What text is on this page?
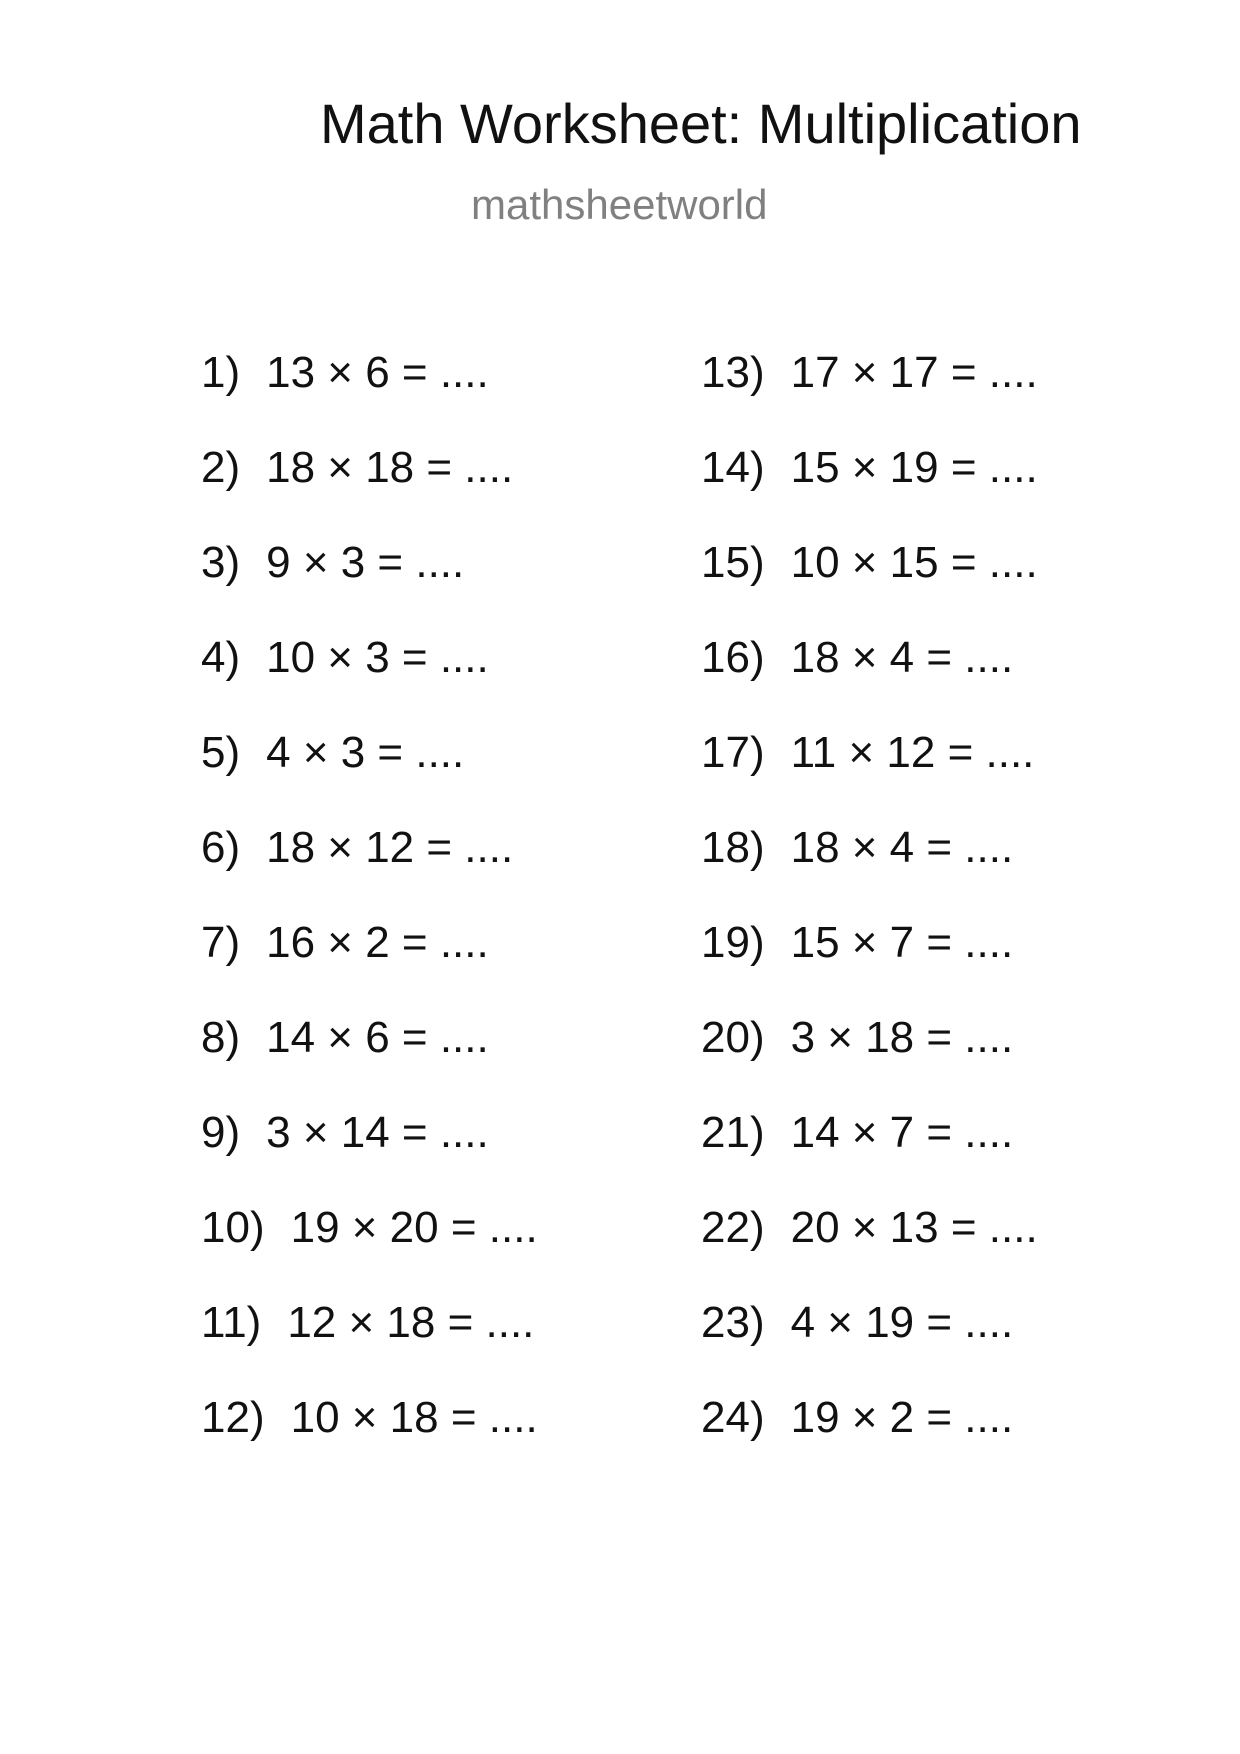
Math Worksheet: Multiplication
mathsheetworld
1) 13 × 6 = ....
2) 18 × 18 = ....
3) 9 × 3 = ....
4) 10 × 3 = ....
5) 4 × 3 = ....
6) 18 × 12 = ....
7) 16 × 2 = ....
8) 14 × 6 = ....
9) 3 × 14 = ....
10) 19 × 20 = ....
11) 12 × 18 = ....
12) 10 × 18 = ....
13) 17 × 17 = ....
14) 15 × 19 = ....
15) 10 × 15 = ....
16) 18 × 4 = ....
17) 11 × 12 = ....
18) 18 × 4 = ....
19) 15 × 7 = ....
20) 3 × 18 = ....
21) 14 × 7 = ....
22) 20 × 13 = ....
23) 4 × 19 = ....
24) 19 × 2 = ....
